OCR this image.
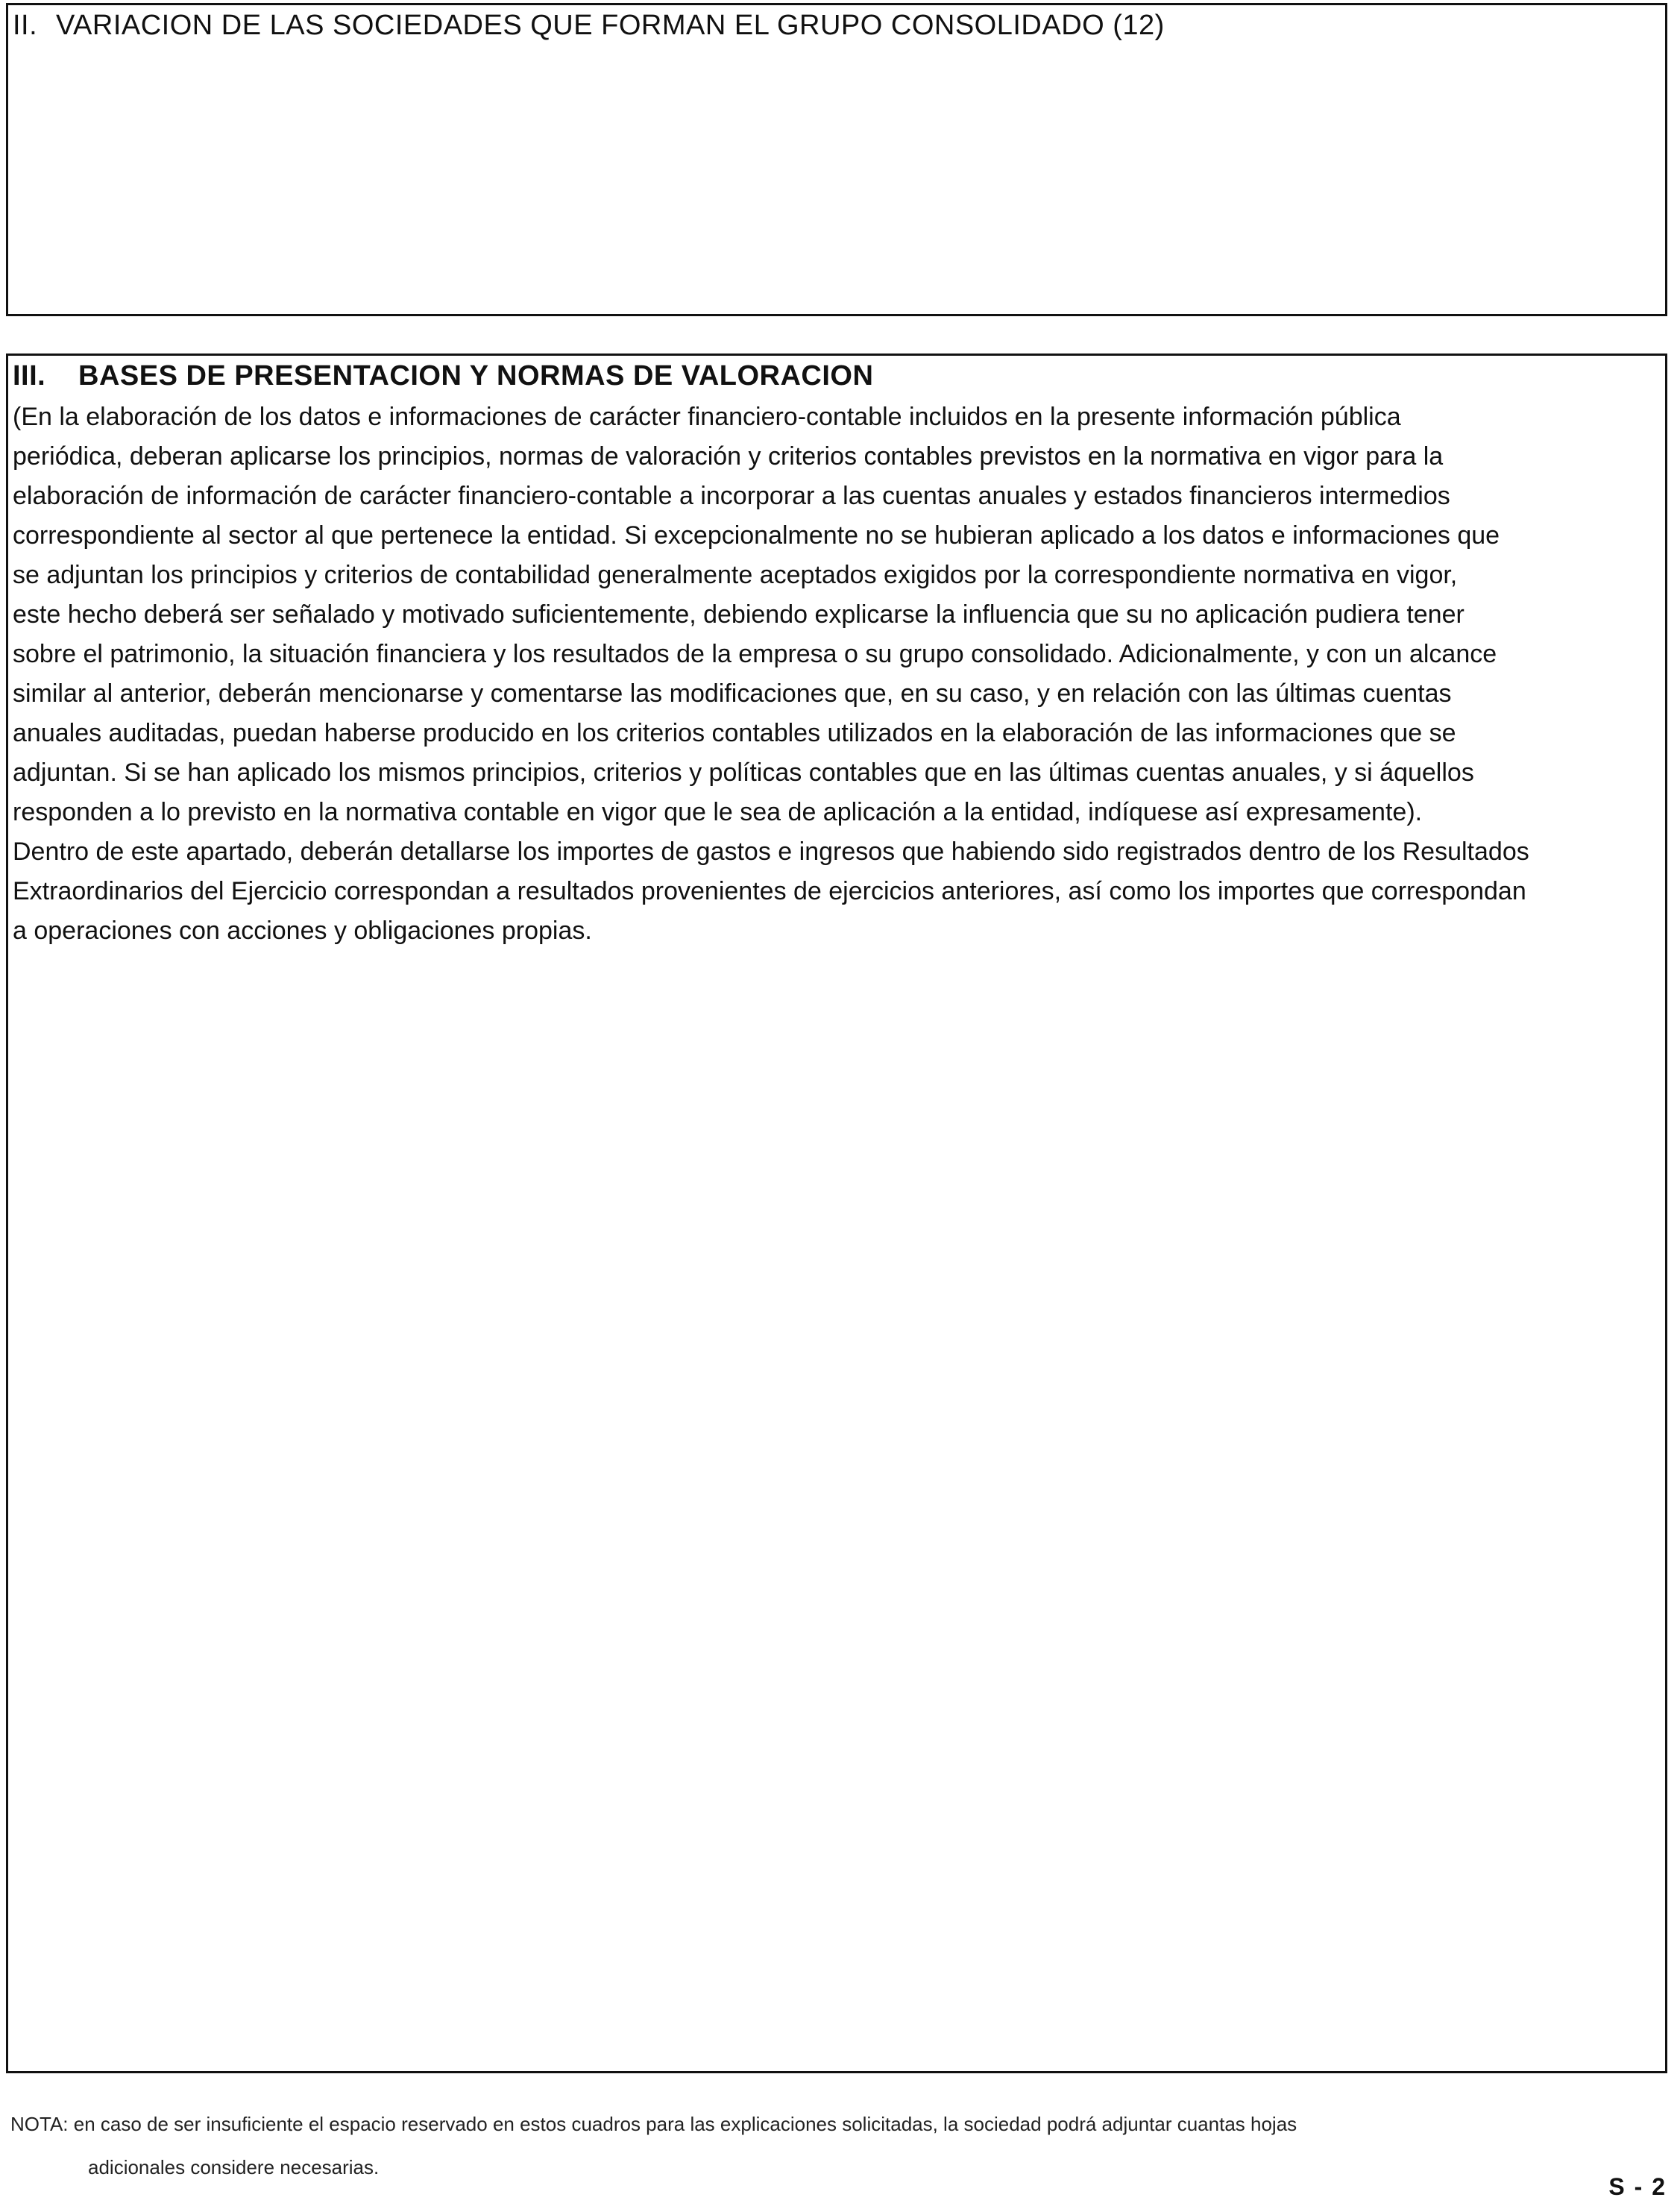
II. VARIACION DE LAS SOCIEDADES QUE FORMAN EL GRUPO CONSOLIDADO (12)
III. BASES DE PRESENTACION Y NORMAS DE VALORACION
(En la elaboración de los datos e informaciones de carácter financiero-contable incluidos en la presente información pública
periódica, deberan aplicarse los principios, normas de valoración y criterios contables previstos en la normativa en vigor para la
elaboración de información de carácter financiero-contable a incorporar a las cuentas anuales y estados financieros intermedios
correspondiente al sector al que pertenece la entidad. Si excepcionalmente no se hubieran aplicado a los datos e informaciones que
se adjuntan los principios y criterios de contabilidad generalmente aceptados exigidos por la correspondiente normativa en vigor,
este hecho deberá ser señalado y motivado suficientemente, debiendo explicarse la influencia que su no aplicación pudiera tener
sobre el patrimonio, la situación financiera y los resultados de la empresa o su grupo consolidado. Adicionalmente, y con un alcance
similar al anterior, deberán mencionarse y comentarse las modificaciones que, en su caso, y en relación con las últimas cuentas
anuales auditadas, puedan haberse producido en los criterios contables utilizados en la elaboración de las informaciones que se
adjuntan. Si se han aplicado los mismos principios, criterios y políticas contables que en las últimas cuentas anuales, y si áquellos
responden a lo previsto en la normativa contable en vigor que le sea de aplicación a la entidad, indíquese así expresamente).
Dentro de este apartado, deberán detallarse los importes de gastos e ingresos que habiendo sido registrados dentro de los Resultados
Extraordinarios del Ejercicio correspondan a resultados provenientes de ejercicios anteriores, así como los importes que correspondan
a operaciones con acciones y obligaciones propias.
NOTA: en caso de ser insuficiente el espacio reservado en estos cuadros para las explicaciones solicitadas, la sociedad podrá adjuntar cuantas hojas
adicionales considere necesarias.
S - 2
